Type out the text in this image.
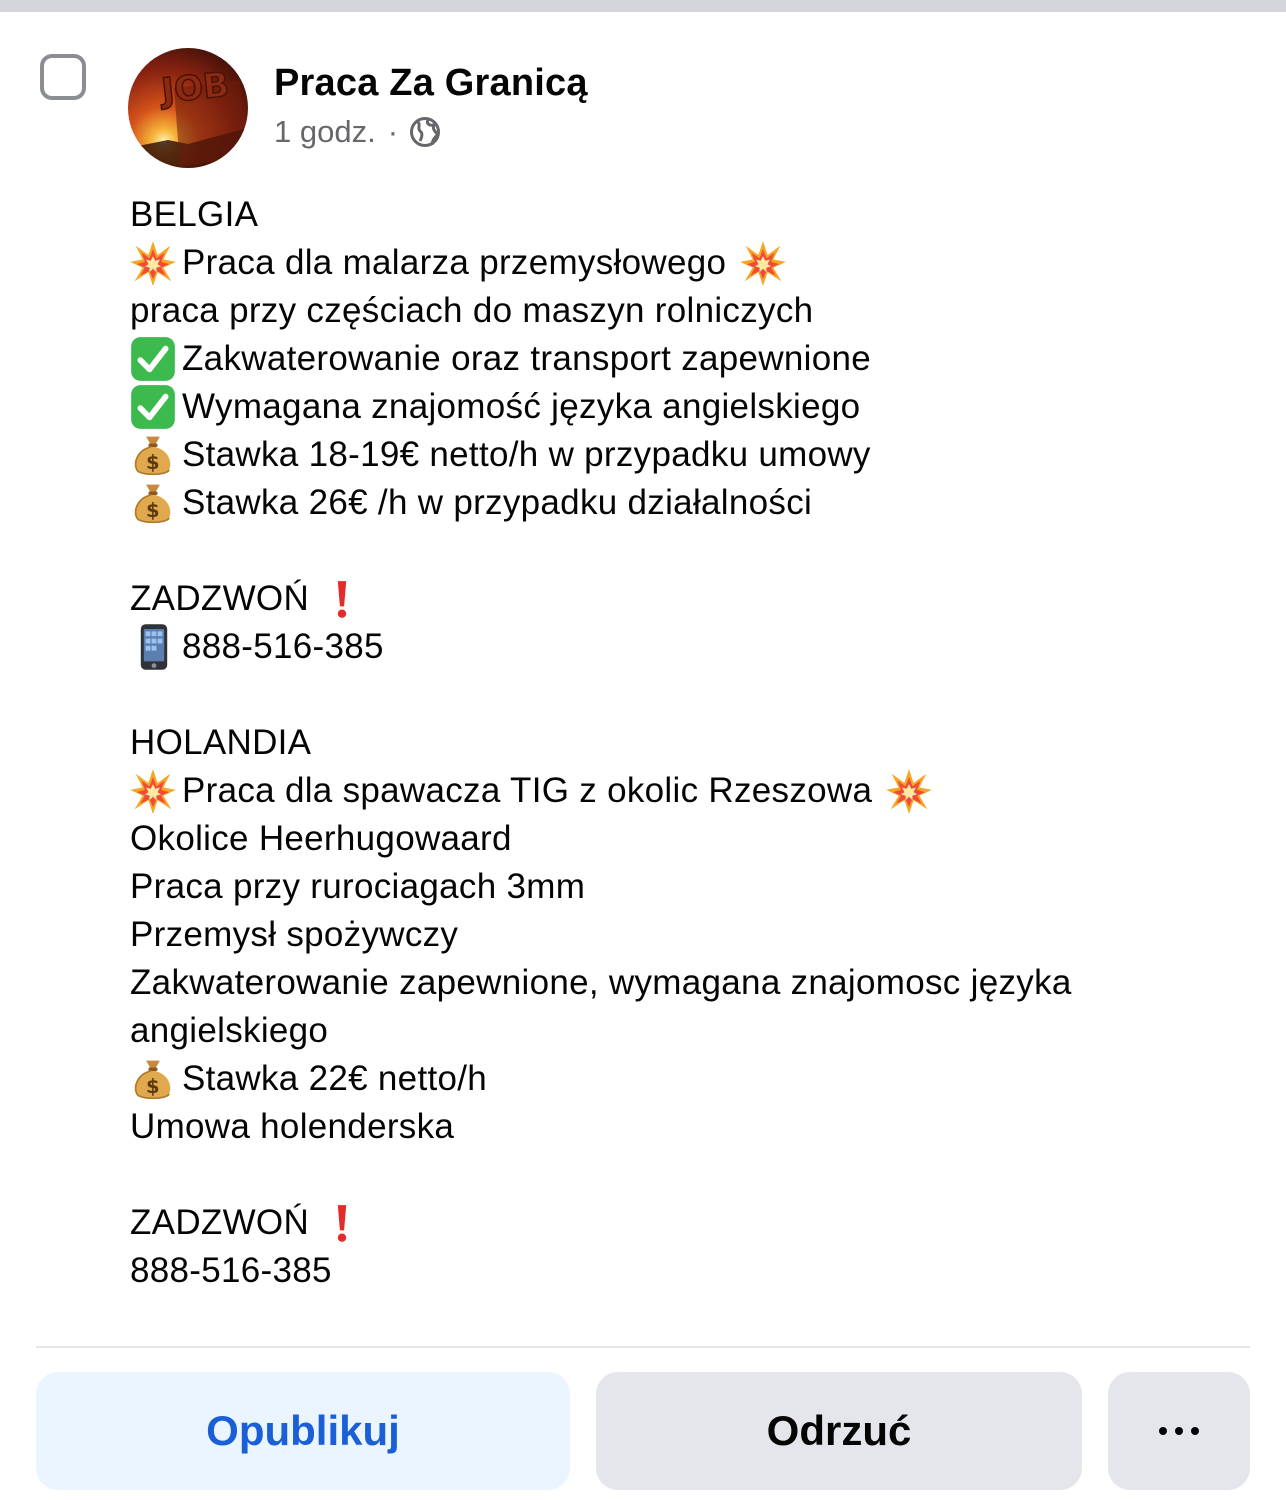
JOB Praca Za Granicą
1 godz. ·
BELGIA
Praca dla malarza przemysłowego
praca przy częściach do maszyn rolniczych
Zakwaterowanie oraz transport zapewnione
Wymagana znajomość języka angielskiego
Stawka 18-19€ netto/h w przypadku umowy
Stawka 26€ /h w przypadku działalności
ZADZWOŃ
888-516-385
HOLANDIA
Praca dla spawacza TIG z okolic Rzeszowa
Okolice Heerhugowaard
Praca przy rurociagach 3mm
Przemysł spożywczy
Zakwaterowanie zapewnione, wymagana znajomosc języka angielskiego
Stawka 22€ netto/h
Umowa holenderska
ZADZWOŃ
888-516-385
Opublikuj	Odrzuć
